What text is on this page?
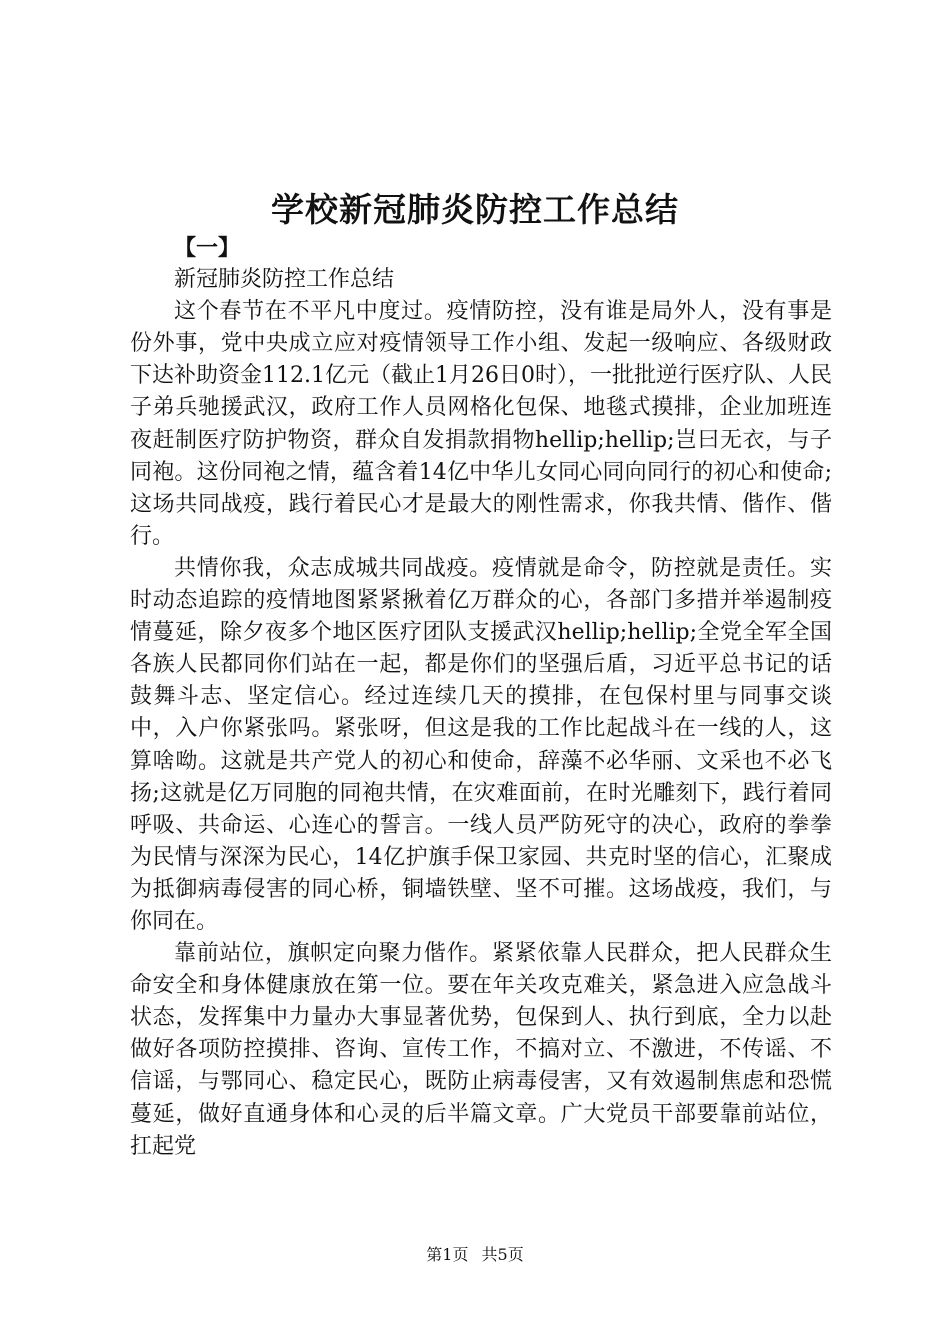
学校新冠肺炎防控工作总结

【一】

新冠肺炎防控工作总结

这个春节在不平凡中度过。疫情防控，没有谁是局外人，没有事是份外事，党中央成立应对疫情领导工作小组、发起一级响应、各级财政下达补助资金112.1亿元（截止1月26日0时），一批批逆行医疗队、人民子弟兵驰援武汉，政府工作人员网格化包保、地毯式摸排，企业加班连夜赶制医疗防护物资，群众自发捐款捐物hellip;hellip;岂曰无衣，与子同袍。这份同袍之情，蕴含着14亿中华儿女同心同向同行的初心和使命;这场共同战疫，践行着民心才是最大的刚性需求，你我共情、偕作、偕行。

共情你我，众志成城共同战疫。疫情就是命令，防控就是责任。实时动态追踪的疫情地图紧紧揪着亿万群众的心，各部门多措并举遏制疫情蔓延，除夕夜多个地区医疗团队支援武汉hellip;hellip;全党全军全国各族人民都同你们站在一起，都是你们的坚强后盾，习近平总书记的话鼓舞斗志、坚定信心。经过连续几天的摸排，在包保村里与同事交谈中，入户你紧张吗。紧张呀，但这是我的工作比起战斗在一线的人，这算啥呦。这就是共产党人的初心和使命，辞藻不必华丽、文采也不必飞扬;这就是亿万同胞的同袍共情，在灾难面前，在时光雕刻下，践行着同呼吸、共命运、心连心的誓言。一线人员严防死守的决心，政府的拳拳为民情与深深为民心，14亿护旗手保卫家园、共克时坚的信心，汇聚成为抵御病毒侵害的同心桥，铜墙铁壁、坚不可摧。这场战疫，我们，与你同在。

靠前站位，旗帜定向聚力偕作。紧紧依靠人民群众，把人民群众生命安全和身体健康放在第一位。要在年关攻克难关，紧急进入应急战斗状态，发挥集中力量办大事显著优势，包保到人、执行到底，全力以赴做好各项防控摸排、咨询、宣传工作，不搞对立、不激进，不传谣、不信谣，与鄂同心、稳定民心，既防止病毒侵害，又有效遏制焦虑和恐慌蔓延，做好直通身体和心灵的后半篇文章。广大党员干部要靠前站位，扛起党

第1页 共5页
